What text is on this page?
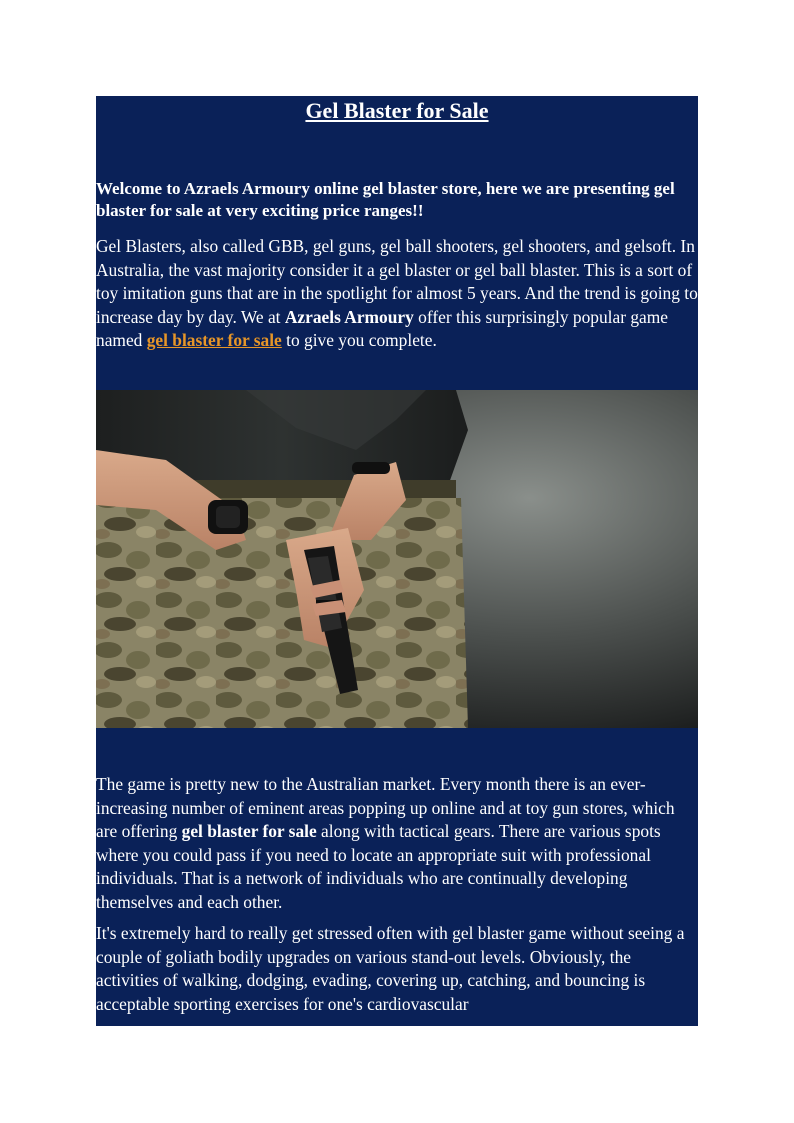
Gel Blaster for Sale
Welcome to Azraels Armoury online gel blaster store, here we are presenting gel blaster for sale at very exciting price ranges!!
Gel Blasters, also called GBB, gel guns, gel ball shooters, gel shooters, and gelsoft. In Australia, the vast majority consider it a gel blaster or gel ball blaster. This is a sort of toy imitation guns that are in the spotlight for almost 5 years. And the trend is going to increase day by day. We at Azraels Armoury offer this surprisingly popular game named gel blaster for sale to give you complete.
The game is pretty new to the Australian market. Every month there is an ever-increasing number of eminent areas popping up online and at toy gun stores, which are offering gel blaster for sale along with tactical gears. There are various spots where you could pass if you need to locate an appropriate suit with professional individuals. That is a network of individuals who are continually developing themselves and each other.
It's extremely hard to really get stressed often with gel blaster game without seeing a couple of goliath bodily upgrades on various stand-out levels. Obviously, the activities of walking, dodging, evading, covering up, catching, and bouncing is acceptable sporting exercises for one's cardiovascular
